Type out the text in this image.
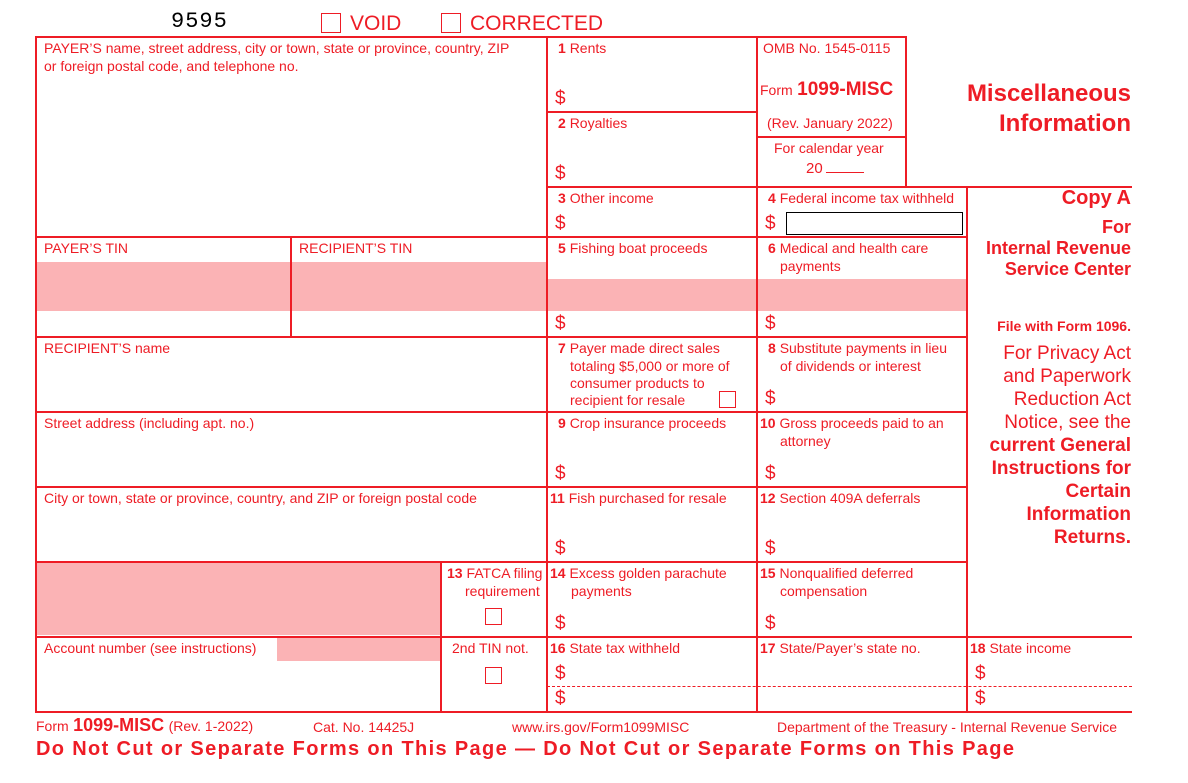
9595	VOID	CORRECTED
PAYER’S name, street address, city or town, state or province, country, ZIP
or foreign postal code, and telephone no.
PAYER’S TIN	RECIPIENT’S TIN
RECIPIENT’S name
Street address (including apt. no.)
City or town, state or province, country, and ZIP or foreign postal code
Account number (see instructions)
1 Rents
$
2 Royalties
$
3 Other income
$
4 Federal income tax withheld
$
5 Fishing boat proceeds
$
6 Medical and health care
payments
$
7 Payer made direct sales
totaling $5,000 or more of
consumer products to
recipient for resale
8 Substitute payments in lieu
of dividends or interest
$
9 Crop insurance proceeds
$
10 Gross proceeds paid to an
attorney
$
11 Fish purchased for resale
$
12 Section 409A deferrals
$
13 FATCA filing
requirement
14 Excess golden parachute
payments
$
15 Nonqualified deferred
compensation
$
2nd TIN not. 16 State tax withheld
$
$
17 State/Payer’s state no.	18 State income
$
$
OMB No. 1545-0115
Form 1099-MISC
(Rev. January 2022)
For calendar year
20
Miscellaneous
Information
Copy A
For
Internal Revenue
Service Center
File with Form 1096.
For Privacy Act
and Paperwork
Reduction Act
Notice, see the
current General
Instructions for
Certain
Information
Returns.
Form 1099-MISC (Rev. 1-2022)	Cat. No. 14425J	www.irs.gov/Form1099MISC	Department of the Treasury - Internal Revenue Service
Do Not Cut or Separate Forms on This Page — Do Not Cut or Separate Forms on This Page
